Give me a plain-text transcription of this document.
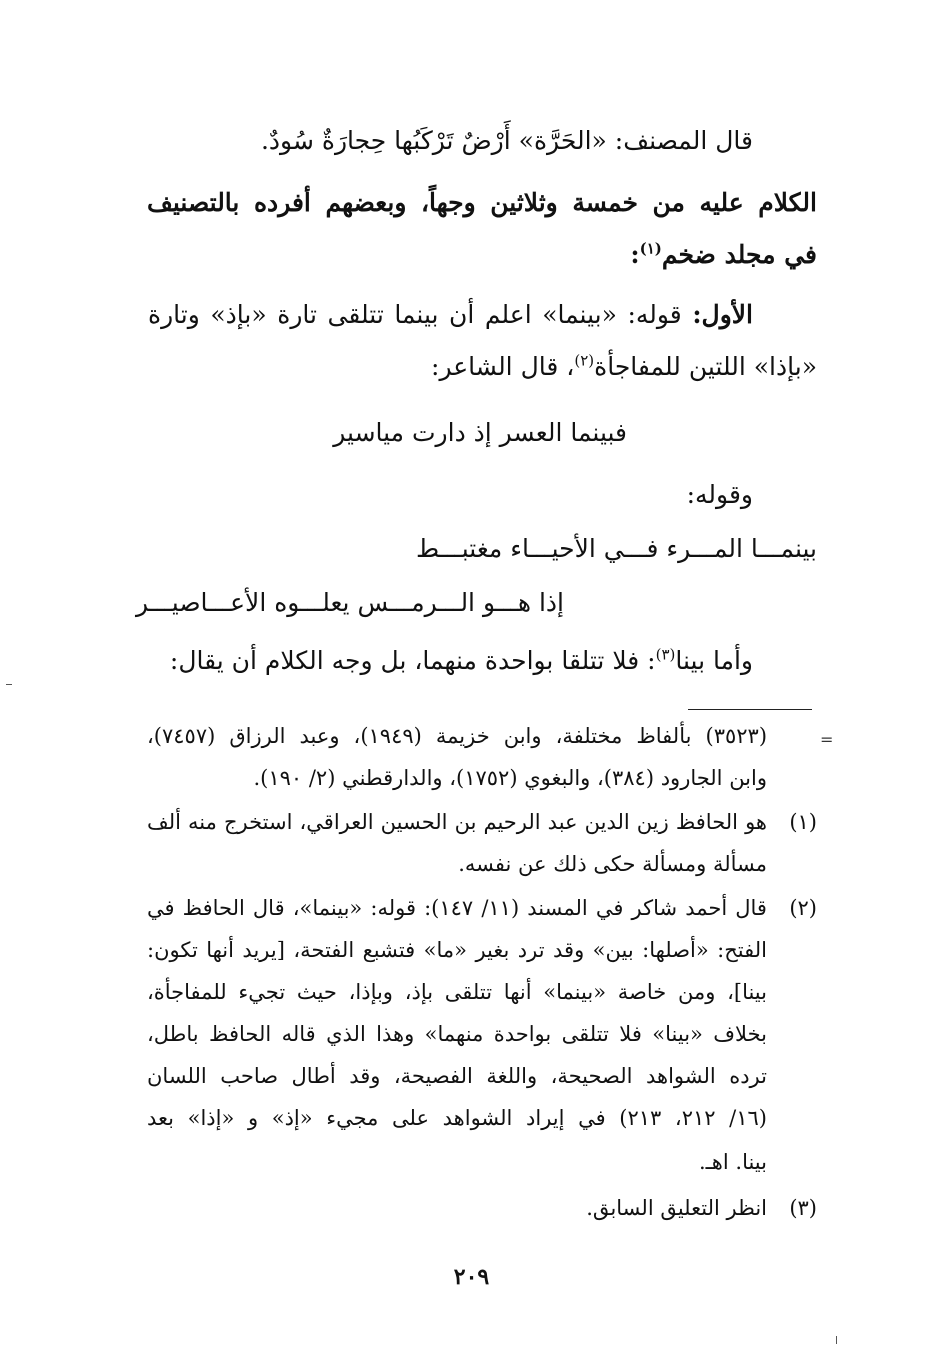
قال المصنف: «الحَرَّة» أَرْضٌ تَرْكَبُها حِجارَةٌ سُودٌ.

الكلام عليه من خمسة وثلاثين وجهاً، وبعضهم أفرده بالتصنيف

في مجلد ضخم$^{(١)}$:

الأول: قوله: «بينما» اعلم أن بينما تتلقى تارة «بإذ» وتارة

«بإذا» اللتين للمفاجأة$^{(٢)}$، قال الشاعر:

فبينما العسر إذ دارت مياسير

وقوله:

بينمـــا المـــرء فـــي الأحيـــاء مغتبـــط

إذا هـــو الـــرمـــس يعلـــوه الأعـــاصيـــر

وأما بينا$^{(٣)}$: فلا تتلقا بواحدة منهما، بل وجه الكلام أن يقال:

=

(٣٥٢٣) بألفاظ مختلفة، وابن خزيمة (١٩٤٩)، وعبد الرزاق (٧٤٥٧)،

وابن الجارود (٣٨٤)، والبغوي (١٧٥٢)، والدارقطني (٢/ ١٩٠).

(١)

هو الحافظ زين الدين عبد الرحيم بن الحسين العراقي، استخرج منه ألف

مسألة ومسألة حكى ذلك عن نفسه.

(٢)

قال أحمد شاكر في المسند (١١/ ١٤٧): قوله: «بينما»، قال الحافظ في

الفتح: «أصلها: بين» وقد ترد بغير «ما» فتشبع الفتحة، [يريد أنها تكون:

بينا]، ومن خاصة «بينما» أنها تتلقى بإذ، وبإذا، حيث تجيء للمفاجأة،

بخلاف «بينا» فلا تتلقى بواحدة منهما» وهذا الذي قاله الحافظ باطل،

ترده الشواهد الصحيحة، واللغة الفصيحة، وقد أطال صاحب اللسان

(١٦/ ٢١٢، ٢١٣) في إيراد الشواهد على مجيء «إذ» و «إذا» بعد

بينا. اهـ.

(٣)

انظر التعليق السابق.

٢٠٩
